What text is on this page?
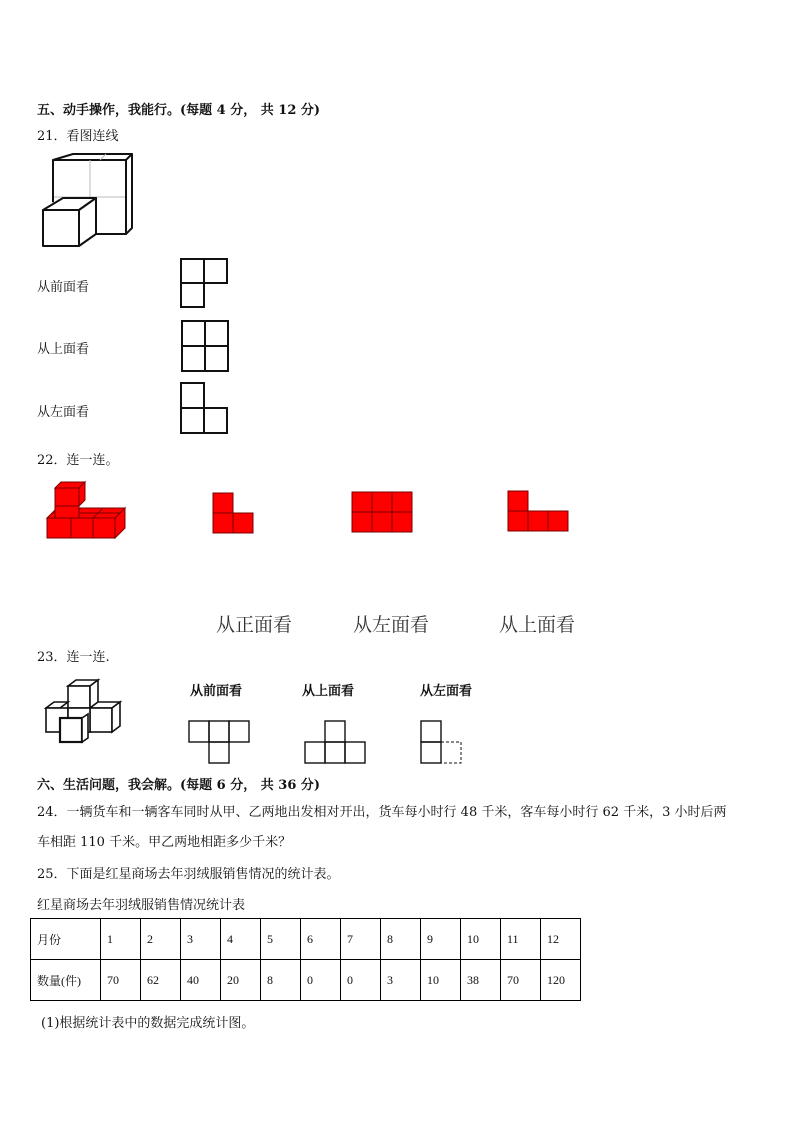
五、动手操作，我能行。(每题 4 分， 共 12 分)
21．看图连线
从前面看
从上面看
从左面看
22．连一连。
从正面看	从左面看	从上面看
23．连一连.
从前面看	从上面看	从左面看
六、生活问题，我会解。(每题 6 分， 共 36 分)
24．一辆货车和一辆客车同时从甲、乙两地出发相对开出，货车每小时行 48 千米，客车每小时行 62 千米，3 小时后两
车相距 110 千米。甲乙两地相距多少千米？
25．下面是红星商场去年羽绒服销售情况的统计表。
红星商场去年羽绒服销售情况统计表
月份	1	2	3	4	5	6	7	8	9	10	11	12
数量(件)	70	62	40	20	8	0	0	3	10	38	70	120
(1)根据统计表中的数据完成统计图。
